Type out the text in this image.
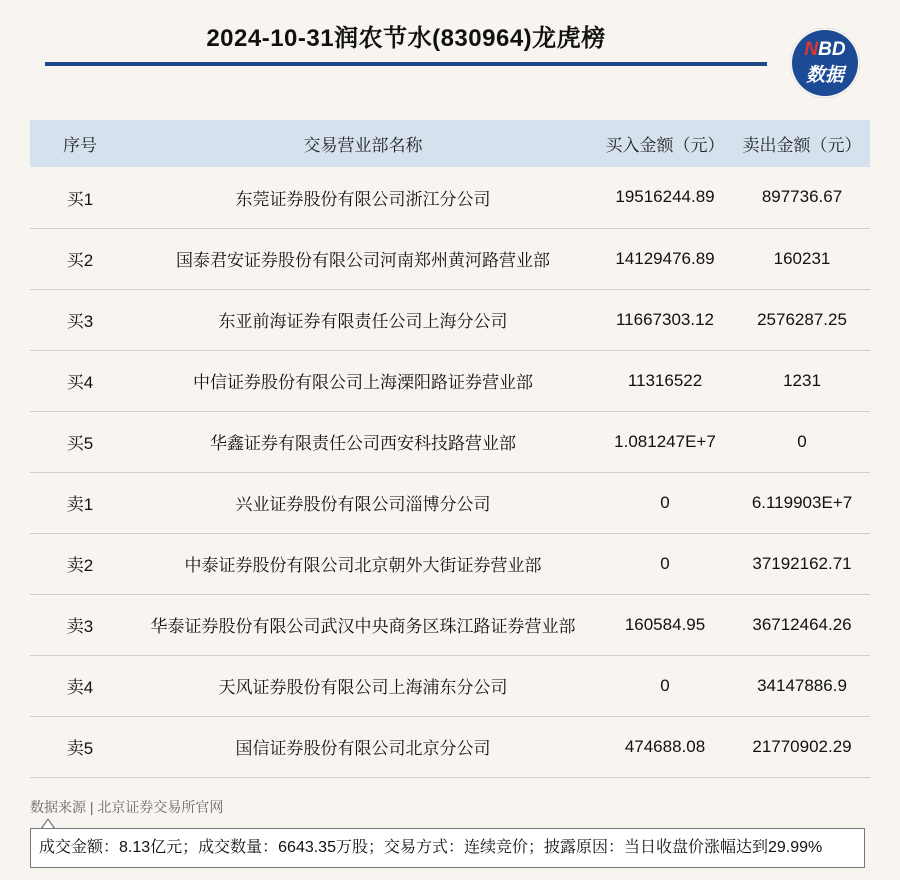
2024-10-31润农节水(830964)龙虎榜	NBD
数据
序号	交易营业部名称	买入金额（元）	卖出金额（元）
买1	东莞证券股份有限公司浙江分公司	19516244.89	897736.67
买2	国泰君安证券股份有限公司河南郑州黄河路营业部	14129476.89	160231
买3	东亚前海证券有限责任公司上海分公司	11667303.12	2576287.25
买4	中信证券股份有限公司上海溧阳路证券营业部	11316522	1231
买5	华鑫证券有限责任公司西安科技路营业部	1.081247E+7	0
卖1	兴业证券股份有限公司淄博分公司	0	6.119903E+7
卖2	中泰证券股份有限公司北京朝外大街证券营业部	0	37192162.71
卖3	华泰证券股份有限公司武汉中央商务区珠江路证券营业部	160584.95	36712464.26
卖4	天风证券股份有限公司上海浦东分公司	0	34147886.9
卖5	国信证券股份有限公司北京分公司	474688.08	21770902.29
数据来源 | 北京证券交易所官网
成交金额：8.13亿元；成交数量：6643.35万股；交易方式：连续竞价；披露原因：当日收盘价涨幅达到29.99%
